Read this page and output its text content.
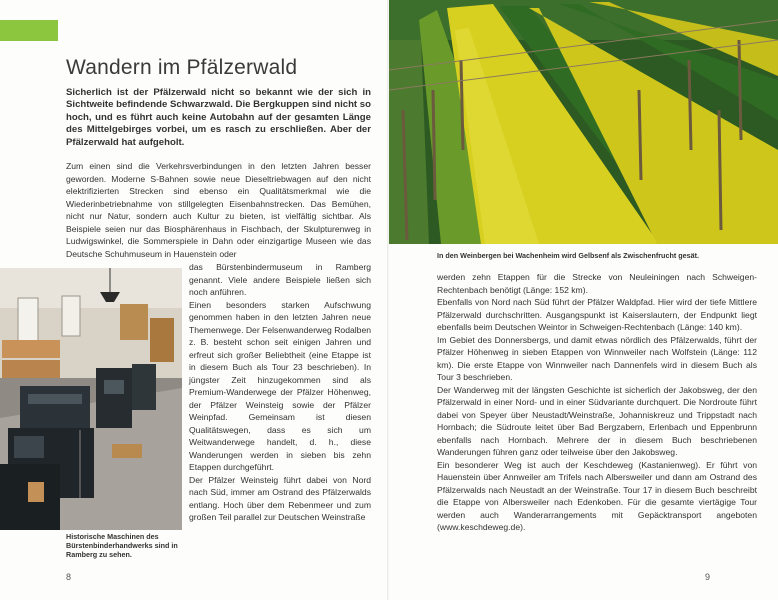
Wandern im Pfälzerwald
Sicherlich ist der Pfälzerwald nicht so bekannt wie der sich in Sichtweite befindende Schwarzwald. Die Bergkuppen sind nicht so hoch, und es führt auch keine Autobahn auf der gesamten Länge des Mittelgebirges vorbei, um es rasch zu erschließen. Aber der Pfälzerwald hat aufgeholt.
Zum einen sind die Verkehrsverbindungen in den letzten Jahren besser geworden. Moderne S-Bahnen sowie neue Dieseltriebwagen auf den nicht elektrifizierten Strecken sind ebenso ein Qualitätsmerkmal wie die Wiederinbetriebnahme von stillgelegten Eisenbahnstrecken. Das Bemühen, nicht nur Natur, sondern auch Kultur zu bieten, ist vielfältig sichtbar. Als Beispiele seien nur das Biosphärenhaus in Fischbach, der Skulpturenweg in Ludwigswinkel, die Sommerspiele in Dahn oder einzigartige Museen wie das Deutsche Schuhmuseum in Hauenstein oder

das Bürstenbindermuseum in Ramberg genannt. Viele andere Beispiele ließen sich noch anführen.

Einen besonders starken Aufschwung genommen haben in den letzten Jahren neue Themenwege. Der Felsenwanderweg Rodalben z. B. besteht schon seit einigen Jahren und erfreut sich großer Beliebtheit (eine Etappe ist in diesem Buch als Tour 23 beschrieben). In jüngster Zeit hinzugekommen sind als Premium-Wanderwege der Pfälzer Höhenweg, der Pfälzer Weinsteig sowie der Pfälzer Weinpfad. Gemeinsam ist diesen Qualitätswegen, dass es sich um Weitwanderwege handelt, d. h., diese Wanderungen werden in sieben bis zehn Etappen durchgeführt.

Der Pfälzer Weinsteig führt dabei von Nord nach Süd, immer am Ostrand des Pfälzerwalds entlang. Hoch über dem Rebenmeer und zum großen Teil parallel zur Deutschen Weinstraße

Historische Maschinen des Bürstenbinderhandwerks sind in Ramberg zu sehen.
8
In den Weinbergen bei Wachenheim wird Gelbsenf als Zwischenfrucht gesät.

werden zehn Etappen für die Strecke von Neuleiningen nach Schweigen-Rechtenbach benötigt (Länge: 152 km).

Ebenfalls von Nord nach Süd führt der Pfälzer Waldpfad. Hier wird der tiefe Mittlere Pfälzerwald durchschritten. Ausgangspunkt ist Kaiserslautern, der Endpunkt liegt ebenfalls beim Deutschen Weintor in Schweigen-Rechtenbach (Länge: 140 km).

Im Gebiet des Donnersbergs, und damit etwas nördlich des Pfälzerwalds, führt der Pfälzer Höhenweg in sieben Etappen von Winnweiler nach Wolfstein (Länge: 112 km). Die erste Etappe von Winnweiler nach Dannenfels wird in diesem Buch als Tour 3 beschrieben.

Der Wanderweg mit der längsten Geschichte ist sicherlich der Jakobsweg, der den Pfälzerwald in einer Nord- und in einer Südvariante durchquert. Die Nordroute führt dabei von Speyer über Neustadt/Weinstraße, Johanniskreuz und Trippstadt nach Hornbach; die Südroute leitet über Bad Bergzabern, Erlenbach und Eppenbrunn ebenfalls nach Hornbach. Mehrere der in diesem Buch beschriebenen Wanderungen führen ganz oder teilweise über den Jakobsweg.

Ein besonderer Weg ist auch der Keschdeweg (Kastanienweg). Er führt von Hauenstein über Annweiler am Trifels nach Albersweiler und dann am Ostrand des Pfälzerwalds nach Neustadt an der Weinstraße. Tour 17 in diesem Buch beschreibt die Etappe von Albersweiler nach Edenkoben. Für die gesamte viertägige Tour werden auch Wanderarrangements mit Gepäcktransport angeboten (www.keschdeweg.de).

9
